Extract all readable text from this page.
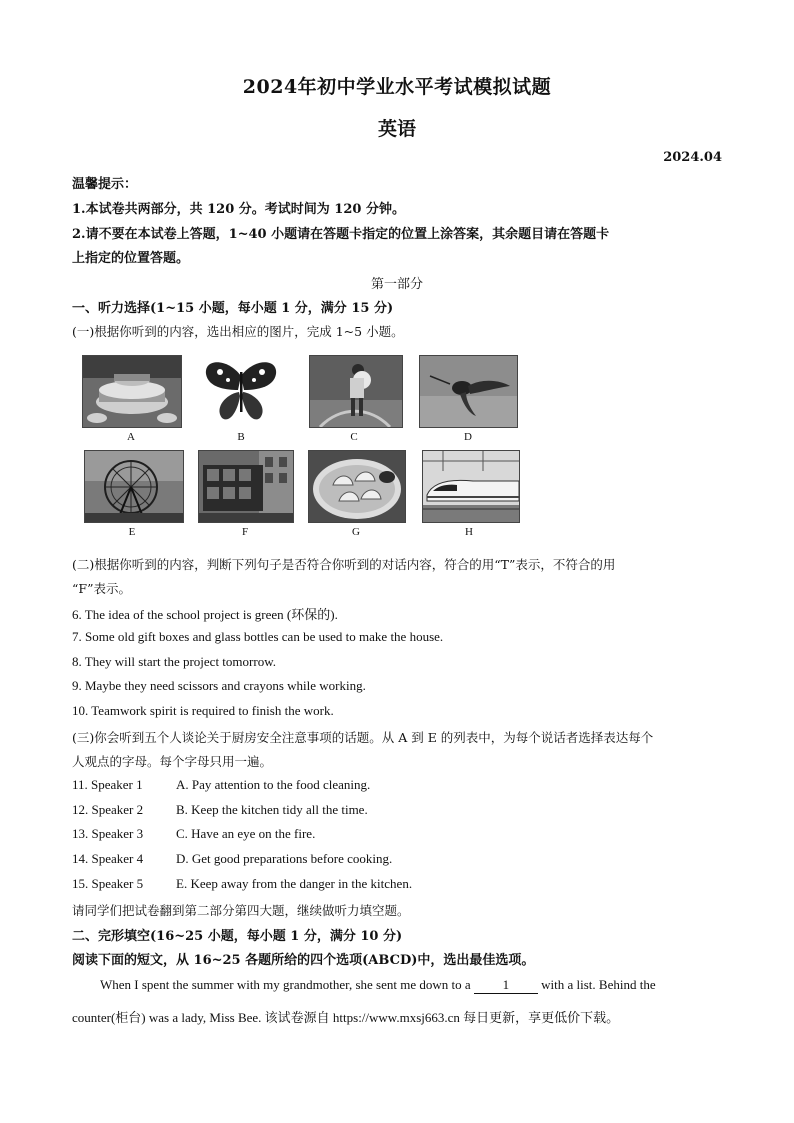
2024年初中学业水平考试模拟试题
英语
2024.04
温馨提示：
1.本试卷共两部分，共 120 分。考试时间为 120 分钟。
2.请不要在本试卷上答题，1~40 小题请在答题卡指定的位置上涂答案，其余题目请在答题卡
上指定的位置答题。
第一部分
一、听力选择(1~15 小题，每小题 1 分，满分 15 分)
(一)根据你听到的内容，选出相应的图片，完成 1~5 小题。
A	B	C	D
E	F	G	H
(二)根据你听到的内容，判断下列句子是否符合你听到的对话内容，符合的用“T”表示，不符合的用
“F”表示。
6. The idea of the school project is green (环保的).
7. Some old gift boxes and glass bottles can be used to make the house.
8. They will start the project tomorrow.
9. Maybe they need scissors and crayons while working.
10. Teamwork spirit is required to finish the work.
(三)你会听到五个人谈论关于厨房安全注意事项的话题。从 A 到 E 的列表中，为每个说话者选择表达每个
人观点的字母。每个字母只用一遍。
11. Speaker 1	A. Pay attention to the food cleaning.
12. Speaker 2	B. Keep the kitchen tidy all the time.
13. Speaker 3	C. Have an eye on the fire.
14. Speaker 4	D. Get good preparations before cooking.
15. Speaker 5	E. Keep away from the danger in the kitchen.
请同学们把试卷翻到第二部分第四大题，继续做听力填空题。
二、完形填空(16~25 小题，每小题 1 分，满分 10 分)
阅读下面的短文，从 16~25 各题所给的四个选项(ABCD)中，选出最佳选项。
When I spent the summer with my grandmother, she sent me down to a 1 with a list. Behind the
counter(柜台) was a lady, Miss Bee. 该试卷源自 https://www.mxsj663.cn 每日更新，享更低价下载。
